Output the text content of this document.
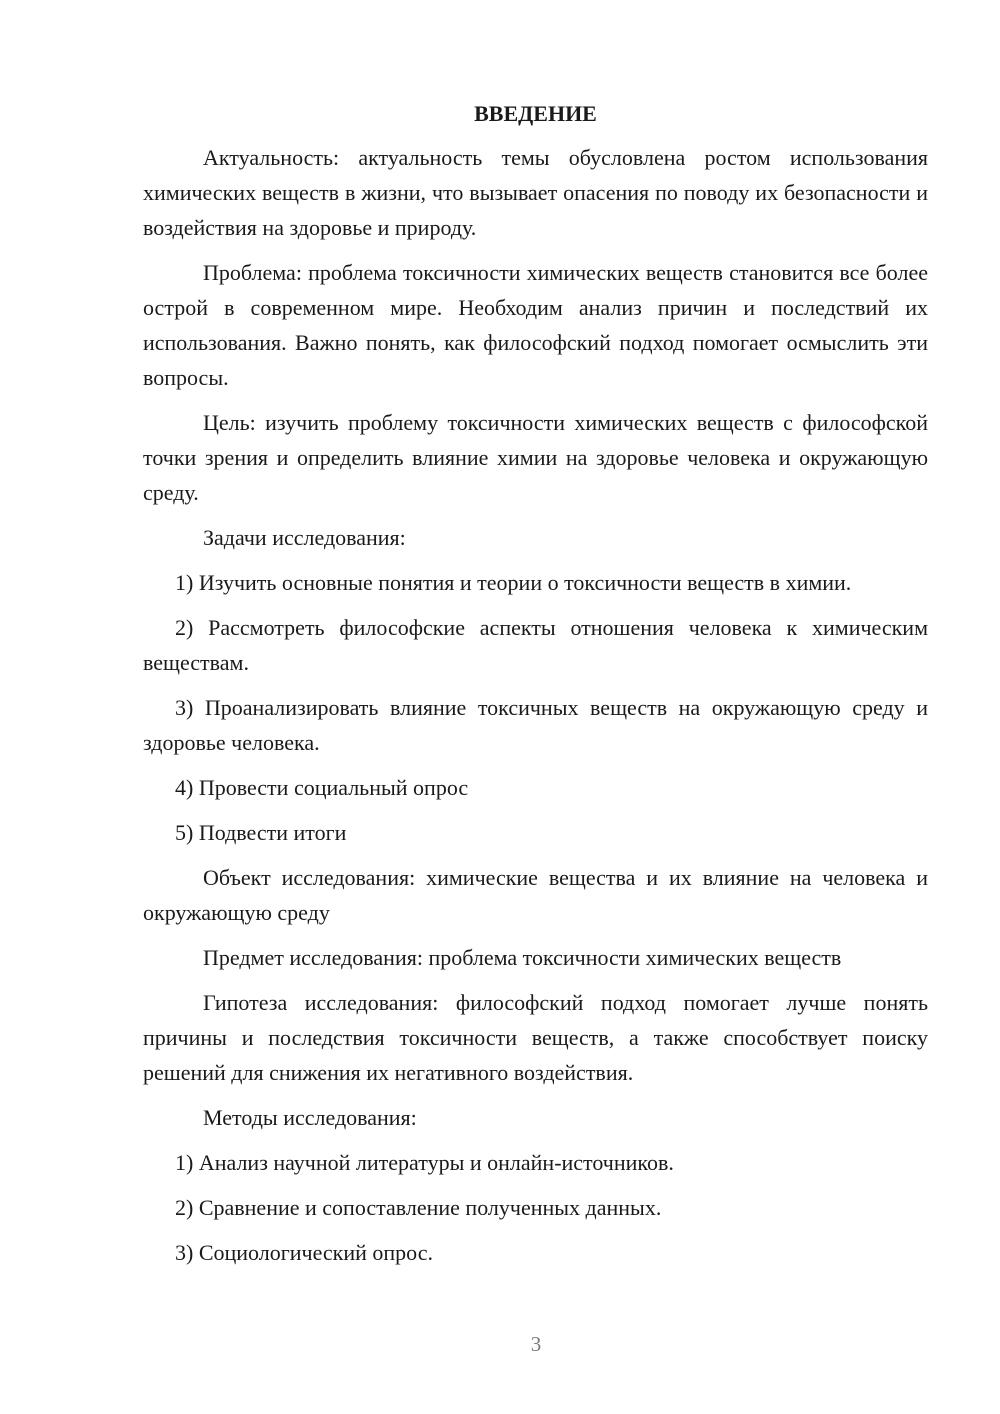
ВВЕДЕНИЕ

Актуальность: актуальность темы обусловлена ростом использования химических веществ в жизни, что вызывает опасения по поводу их безопасности и воздействия на здоровье и природу.

Проблема: проблема токсичности химических веществ становится все более острой в современном мире. Необходим анализ причин и последствий их использования. Важно понять, как философский подход помогает осмыслить эти вопросы.

Цель: изучить проблему токсичности химических веществ с философской точки зрения и определить влияние химии на здоровье человека и окружающую среду.

Задачи исследования:

1) Изучить основные понятия и теории о токсичности веществ в химии.

2) Рассмотреть философские аспекты отношения человека к химическим веществам.

3) Проанализировать влияние токсичных веществ на окружающую среду и здоровье человека.

4) Провести социальный опрос

5) Подвести итоги

Объект исследования: химические вещества и их влияние на человека и окружающую среду

Предмет исследования: проблема токсичности химических веществ

Гипотеза исследования: философский подход помогает лучше понять причины и последствия токсичности веществ, а также способствует поиску решений для снижения их негативного воздействия.

Методы исследования:

1) Анализ научной литературы и онлайн-источников.

2) Сравнение и сопоставление полученных данных.

3) Социологический опрос.

3
